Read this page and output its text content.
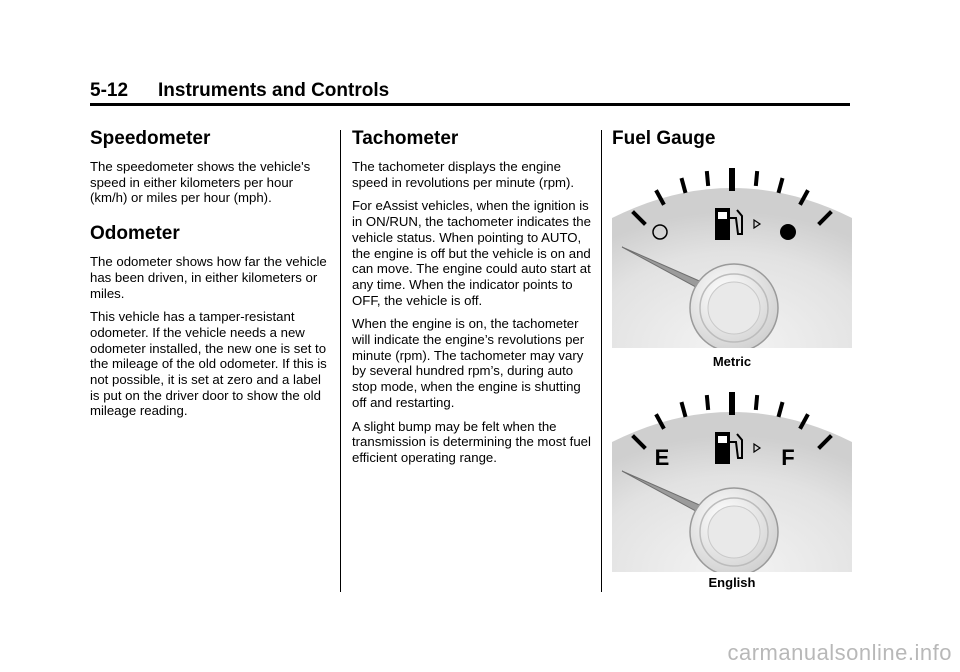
5-12 Instruments and Controls
Speedometer

The speedometer shows the vehicle's speed in either kilometers per hour (km/h) or miles per hour (mph).

Odometer

The odometer shows how far the vehicle has been driven, in either kilometers or miles.

This vehicle has a tamper-resistant odometer. If the vehicle needs a new odometer installed, the new one is set to the mileage of the old odometer. If this is not possible, it is set at zero and a label is put on the driver door to show the old mileage reading.

Tachometer

The tachometer displays the engine speed in revolutions per minute (rpm).

For eAssist vehicles, when the ignition is in ON/RUN, the tachometer indicates the vehicle status. When pointing to AUTO, the engine is off but the vehicle is on and can move. The engine could auto start at any time. When the indicator points to OFF, the vehicle is off.

When the engine is on, the tachometer will indicate the engine’s revolutions per minute (rpm). The tachometer may vary by several hundred rpm’s, during auto stop mode, when the engine is shutting off and restarting.

A slight bump may be felt when the transmission is determining the most fuel efficient operating range.

Fuel Gauge
Metric
E	F
English
carmanualsonline.info
